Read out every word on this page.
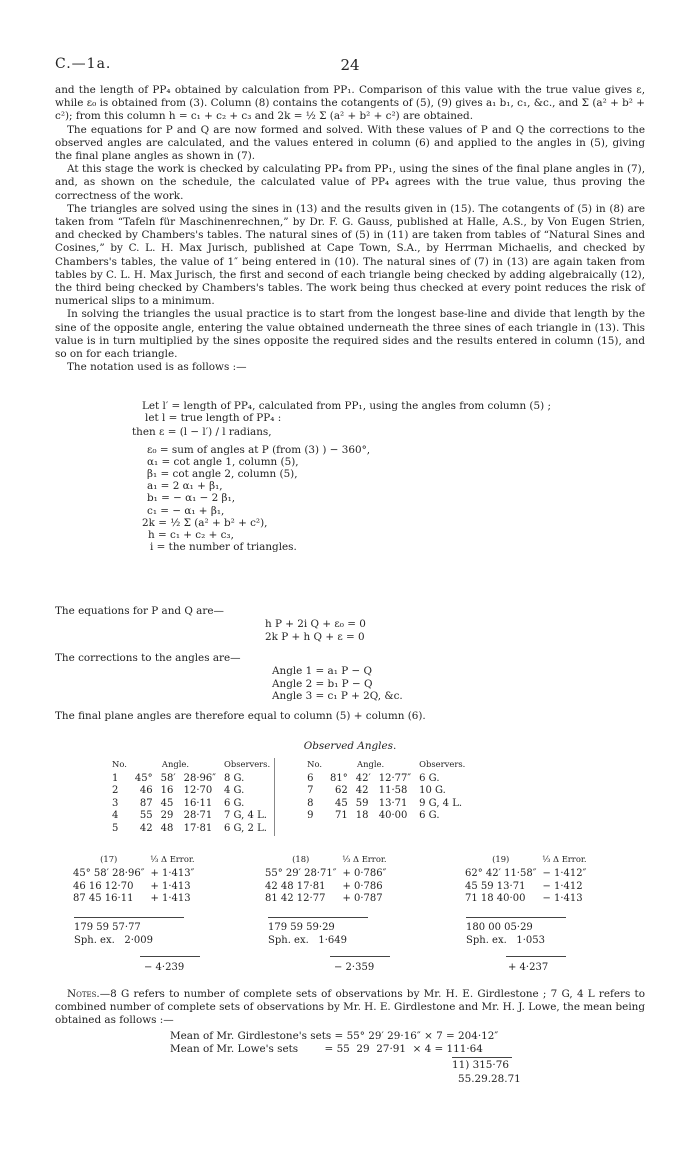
C.—1a.	24

and the length of PP₄ obtained by calculation from PP₁. Comparison of this value with the true value gives ε, while ε₀ is obtained from (3). Column (8) contains the cotangents of (5), (9) gives a₁ b₁, c₁, &c., and Σ (a² + b² + c²); from this column h = c₁ + c₂ + c₃ and 2k = ½ Σ (a² + b² + c²) are obtained.

The equations for P and Q are now formed and solved. With these values of P and Q the corrections to the observed angles are calculated, and the values entered in column (6) and applied to the angles in (5), giving the final plane angles as shown in (7).

At this stage the work is checked by calculating PP₄ from PP₁, using the sines of the final plane angles in (7), and, as shown on the schedule, the calculated value of PP₄ agrees with the true value, thus proving the correctness of the work.

The triangles are solved using the sines in (13) and the results given in (15). The cotangents of (5) in (8) are taken from “Tafeln für Maschinenrechnen,” by Dr. F. G. Gauss, published at Halle, A.S., by Von Eugen Strien, and checked by Chambers's tables. The natural sines of (5) in (11) are taken from tables of “Natural Sines and Cosines,” by C. L. H. Max Jurisch, published at Cape Town, S.A., by Herrman Michaelis, and checked by Chambers's tables, the value of 1″ being entered in (10). The natural sines of (7) in (13) are again taken from tables by C. L. H. Max Jurisch, the first and second of each triangle being checked by adding algebraically (12), the third being checked by Chambers's tables. The work being thus checked at every point reduces the risk of numerical slips to a minimum.

In solving the triangles the usual practice is to start from the longest base-line and divide that length by the sine of the opposite angle, entering the value obtained underneath the three sines of each triangle in (13). This value is in turn multiplied by the sines opposite the required sides and the results entered in column (15), and so on for each triangle.

The notation used is as follows :—

Let l′ = length of PP₄, calculated from PP₁, using the angles from column (5) ;
let l = true length of PP₄ :
then ε = (l − l′) / l radians,
ε₀ = sum of angles at P (from (3) ) − 360°,
α₁ = cot angle 1, column (5),
β₁ = cot angle 2, column (5),
a₁ = 2 α₁ + β₁,
b₁ = − α₁ − 2 β₁,
c₁ = − α₁ + β₁,
2k = ½ Σ (a² + b² + c²),
h = c₁ + c₂ + c₃,
i = the number of triangles.
The equations for P and Q are—
h P + 2i Q + ε₀ = 0
2k P + h Q + ε = 0
The corrections to the angles are—
Angle 1 = a₁ P − Q
Angle 2 = b₁ P − Q
Angle 3 = c₁ P + 2Q, &c.
The final plane angles are therefore equal to column (5) + column (6).
Observed Angles.
No.	Angle.			Observers.		No.	Angle.			Observers.
1	45°	58′	28·96″	8 G.		6	81°	42′	12·77″	6 G.
2	46	16	12·70	4 G.		7	62	42	11·58	10 G.
3	87	45	16·11	6 G.		8	45	59	13·71	9 G, 4 L.
4	55	29	28·71	7 G, 4 L.		9	71	18	40·00	6 G.
5	42	48	17·81	6 G, 2 L.						
(17)	⅓ Δ Error.
45° 58′ 28·96″	+ 1·413″
46 16 12·70	+ 1·413
87 45 16·11	+ 1·413
(18)	⅓ Δ Error.
55° 29′ 28·71″	+ 0·786″
42 48 17·81	+ 0·786
81 42 12·77	+ 0·787
(19)	⅓ Δ Error.
62° 42′ 11·58″	− 1·412″
45 59 13·71	− 1·412
71 18 40·00	− 1·413
179 59 57·77
Sph. ex. 2·009
179 59 59·29
Sph. ex. 1·649
180 00 05·29
Sph. ex. 1·053
− 4·239	− 2·359	+ 4·237
Notes.—8 G refers to number of complete sets of observations by Mr. H. E. Girdlestone ; 7 G, 4 L refers to combined number of complete sets of observations by Mr. H. E. Girdlestone and Mr. H. J. Lowe, the mean being obtained as follows :—
Mean of Mr. Girdlestone's sets = 55° 29′ 29·16″ × 7 = 204·12″
Mean of Mr. Lowe's sets        = 55  29  27·91  × 4 = 111·64
11) 315·76
55.29.28.71
